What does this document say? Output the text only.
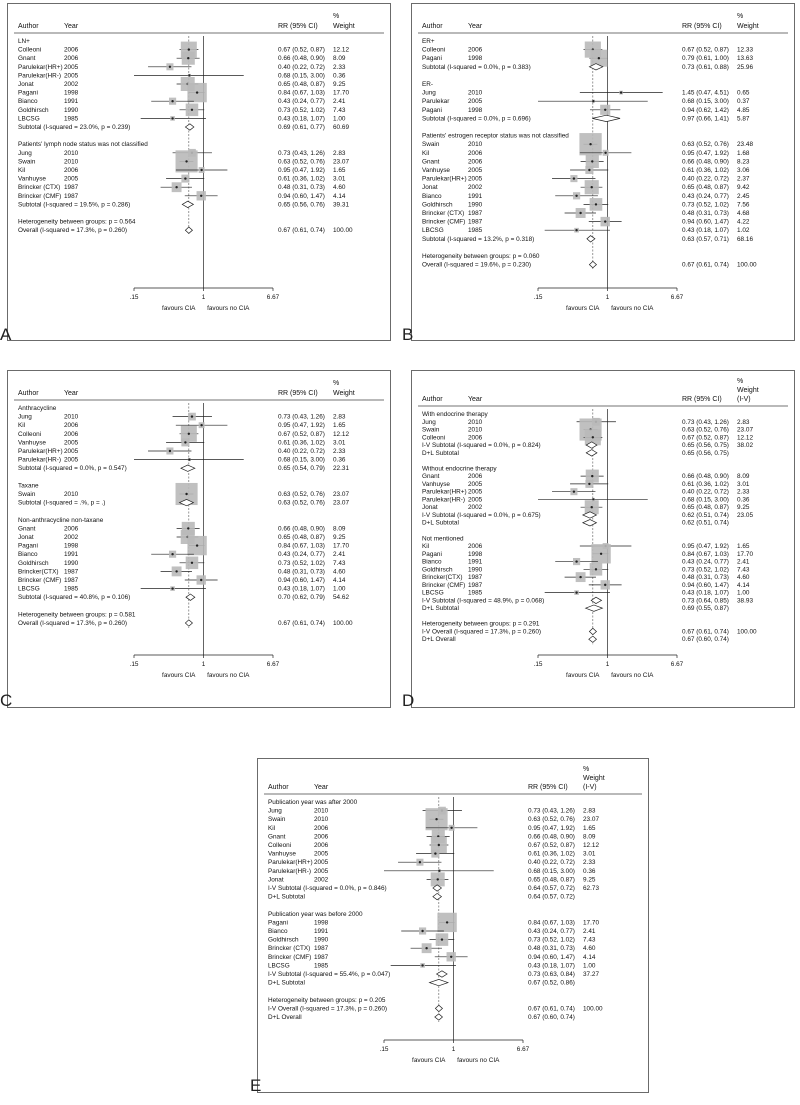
Author	Year	RR (95% CI)
%
Weight
LN+
Colleoni	2006	0.67 (0.52, 0.87) 12.12
Gnant	2006	0.66 (0.48, 0.90) 8.09
Parulekar(HR+) 2005	0.40 (0.22, 0.72) 2.33
Parulekar(HR-) 2005	0.68 (0.15, 3.00) 0.36
Jonat	2002	0.65 (0.48, 0.87) 9.25
Pagani	1998	0.84 (0.67, 1.03) 17.70
Bianco	1991	0.43 (0.24, 0.77) 2.41
Goldhirsch 1990	0.73 (0.52, 1.02) 7.43
LBCSG	1985	0.43 (0.18, 1.07) 1.00
Subtotal (I-squared = 23.0%, p = 0.239)	0.69 (0.61, 0.77) 60.69
Patients' lymph node status was not classified
Jung	2010	0.73 (0.43, 1.26) 2.83
Swain	2010	0.63 (0.52, 0.76) 23.07
Kil	2006	0.95 (0.47, 1.92) 1.65
Vanhuyse	2005	0.61 (0.36, 1.02) 3.01
Brincker (CTX) 1987	0.48 (0.31, 0.73) 4.60
Brincker (CMF) 1987	0.94 (0.60, 1.47) 4.14
Subtotal (I-squared = 19.5%, p = 0.286)	0.65 (0.56, 0.76) 39.31
Heterogeneity between groups: p = 0.564
Overall (I-squared = 17.3%, p = 0.260)	0.67 (0.61, 0.74) 100.00
.15	1	6.67
favours CIA favours no CIA
Author	Year	RR (95% CI)
%
Weight
ER+
Colleoni	2006	0.67 (0.52, 0.87) 12.33
Pagani	1998	0.79 (0.61, 1.00) 13.63
Subtotal (I-squared = 0.0%, p = 0.383)	0.73 (0.61, 0.88) 25.96
ER-
Jung	2010	1.45 (0.47, 4.51) 0.65
Parulekar	2005	0.68 (0.15, 3.00) 0.37
Pagani	1998	0.94 (0.62, 1.42) 4.85
Subtotal (I-squared = 0.0%, p = 0.696)	0.97 (0.66, 1.41) 5.87
Patients' estrogen receptor status was not classified
Swain	2010	0.63 (0.52, 0.76) 23.48
Kil	2006	0.95 (0.47, 1.92) 1.68
Gnant	2006	0.66 (0.48, 0.90) 8.23
Vanhuyse	2005	0.61 (0.36, 1.02) 3.06
Parulekar(HR+) 2005	0.40 (0.22, 0.72) 2.37
Jonat	2002	0.65 (0.48, 0.87) 9.42
Bianco	1991	0.43 (0.24, 0.77) 2.45
Goldhirsch 1990	0.73 (0.52, 1.02) 7.56
Brincker (CTX) 1987	0.48 (0.31, 0.73) 4.68
Brincker (CMF) 1987	0.94 (0.60, 1.47) 4.22
LBCSG	1985	0.43 (0.18, 1.07) 1.02
Subtotal (I-squared = 13.2%, p = 0.318)	0.63 (0.57, 0.71) 68.16
Heterogeneity between groups: p = 0.060
Overall (I-squared = 19.6%, p = 0.230)	0.67 (0.61, 0.74) 100.00
.15	1	6.67
favours CIA favours no CIA
Author	Year	RR (95% CI)
%
Weight
Anthracycline
Jung	2010	0.73 (0.43, 1.26) 2.83
Kil	2006	0.95 (0.47, 1.92) 1.65
Colleoni	2006	0.67 (0.52, 0.87) 12.12
Vanhuyse	2005	0.61 (0.36, 1.02) 3.01
Parulekar(HR+) 2005	0.40 (0.22, 0.72) 2.33
Parulekar(HR-) 2005	0.68 (0.15, 3.00) 0.36
Subtotal (I-squared = 0.0%, p = 0.547)	0.65 (0.54, 0.79) 22.31
Taxane
Swain	2010	0.63 (0.52, 0.76) 23.07
Subtotal (I-squared = .%, p = .)	0.63 (0.52, 0.76) 23.07
Non-anthracycline non-taxane
Gnant	2006	0.66 (0.48, 0.90) 8.09
Jonat	2002	0.65 (0.48, 0.87) 9.25
Pagani	1998	0.84 (0.67, 1.03) 17.70
Bianco	1991	0.43 (0.24, 0.77) 2.41
Goldhirsch 1990	0.73 (0.52, 1.02) 7.43
Brincker(CTX) 1987	0.48 (0.31, 0.73) 4.60
Brincker (CMF) 1987	0.94 (0.60, 1.47) 4.14
LBCSG	1985	0.43 (0.18, 1.07) 1.00
Subtotal (I-squared = 40.8%, p = 0.106)	0.70 (0.62, 0.79) 54.62
Heterogeneity between groups: p = 0.581
Overall (I-squared = 17.3%, p = 0.260)	0.67 (0.61, 0.74) 100.00
.15	1	6.67
favours CIA favours no CIA
Author	Year	RR (95% CI)
%
Weight
(I-V)
With endocrine therapy
Jung	2010	0.73 (0.43, 1.26) 2.83
Swain	2010	0.63 (0.52, 0.76) 23.07
Colleoni	2006	0.67 (0.52, 0.87) 12.12
I-V Subtotal (I-squared = 0.0%, p = 0.824)	0.65 (0.56, 0.75) 38.02
D+L Subtotal	0.65 (0.56, 0.75)
Without endocrine therapy
Gnant	2006	0.66 (0.48, 0.90) 8.09
Vanhuyse	2005	0.61 (0.36, 1.02) 3.01
Parulekar(HR+) 2005	0.40 (0.22, 0.72) 2.33
Parulekar(HR-) 2005	0.68 (0.15, 3.00) 0.36
Jonat	2002	0.65 (0.48, 0.87) 9.25
I-V Subtotal (I-squared = 0.0%, p = 0.675)	0.62 (0.51, 0.74) 23.05
D+L Subtotal	0.62 (0.51, 0.74)
Not mentioned
Kil	2006	0.95 (0.47, 1.92) 1.65
Pagani	1998	0.84 (0.67, 1.03) 17.70
Bianco	1991	0.43 (0.24, 0.77) 2.41
Goldhirsch 1990	0.73 (0.52, 1.02) 7.43
Brincker(CTX) 1987	0.48 (0.31, 0.73) 4.60
Brincker (CMF) 1987	0.94 (0.60, 1.47) 4.14
LBCSG	1985	0.43 (0.18, 1.07) 1.00
I-V Subtotal (I-squared = 48.9%, p = 0.068)	0.73 (0.64, 0.85) 38.93
D+L Subtotal	0.69 (0.55, 0.87)
Heterogeneity between groups: p = 0.291
I-V Overall (I-squared = 17.3%, p = 0.260)	0.67 (0.61, 0.74) 100.00
D+L Overall	0.67 (0.60, 0.74)
.15	1	6.67
favours CIA favours no CIA
Author	Year	RR (95% CI)
%
Weight
(I-V)
Publication year was after 2000
Jung	2010	0.73 (0.43, 1.26) 2.83
Swain	2010	0.63 (0.52, 0.76) 23.07
Kil	2006	0.95 (0.47, 1.92) 1.65
Gnant	2006	0.66 (0.48, 0.90) 8.09
Colleoni	2006	0.67 (0.52, 0.87) 12.12
Vanhuyse	2005	0.61 (0.36, 1.02) 3.01
Parulekar(HR+) 2005	0.40 (0.22, 0.72) 2.33
Parulekar(HR-) 2005	0.68 (0.15, 3.00) 0.36
Jonat	2002	0.65 (0.48, 0.87) 9.25
I-V Subtotal (I-squared = 0.0%, p = 0.846)	0.64 (0.57, 0.72) 62.73
D+L Subtotal	0.64 (0.57, 0.72)
Publication year was before 2000
Pagani	1998	0.84 (0.67, 1.03) 17.70
Bianco	1991	0.43 (0.24, 0.77) 2.41
Goldhirsch 1990	0.73 (0.52, 1.02) 7.43
Brincker (CTX) 1987	0.48 (0.31, 0.73) 4.60
Brincker (CMF) 1987	0.94 (0.60, 1.47) 4.14
LBCSG	1985	0.43 (0.18, 1.07) 1.00
I-V Subtotal (I-squared = 55.4%, p = 0.047)	0.73 (0.63, 0.84) 37.27
D+L Subtotal	0.67 (0.52, 0.86)
Heterogeneity between groups: p = 0.205
I-V Overall (I-squared = 17.3%, p = 0.260)	0.67 (0.61, 0.74) 100.00
D+L Overall	0.67 (0.60, 0.74)
.15	1	6.67
favours CIA favours no CIA
A	B
C	D
E
